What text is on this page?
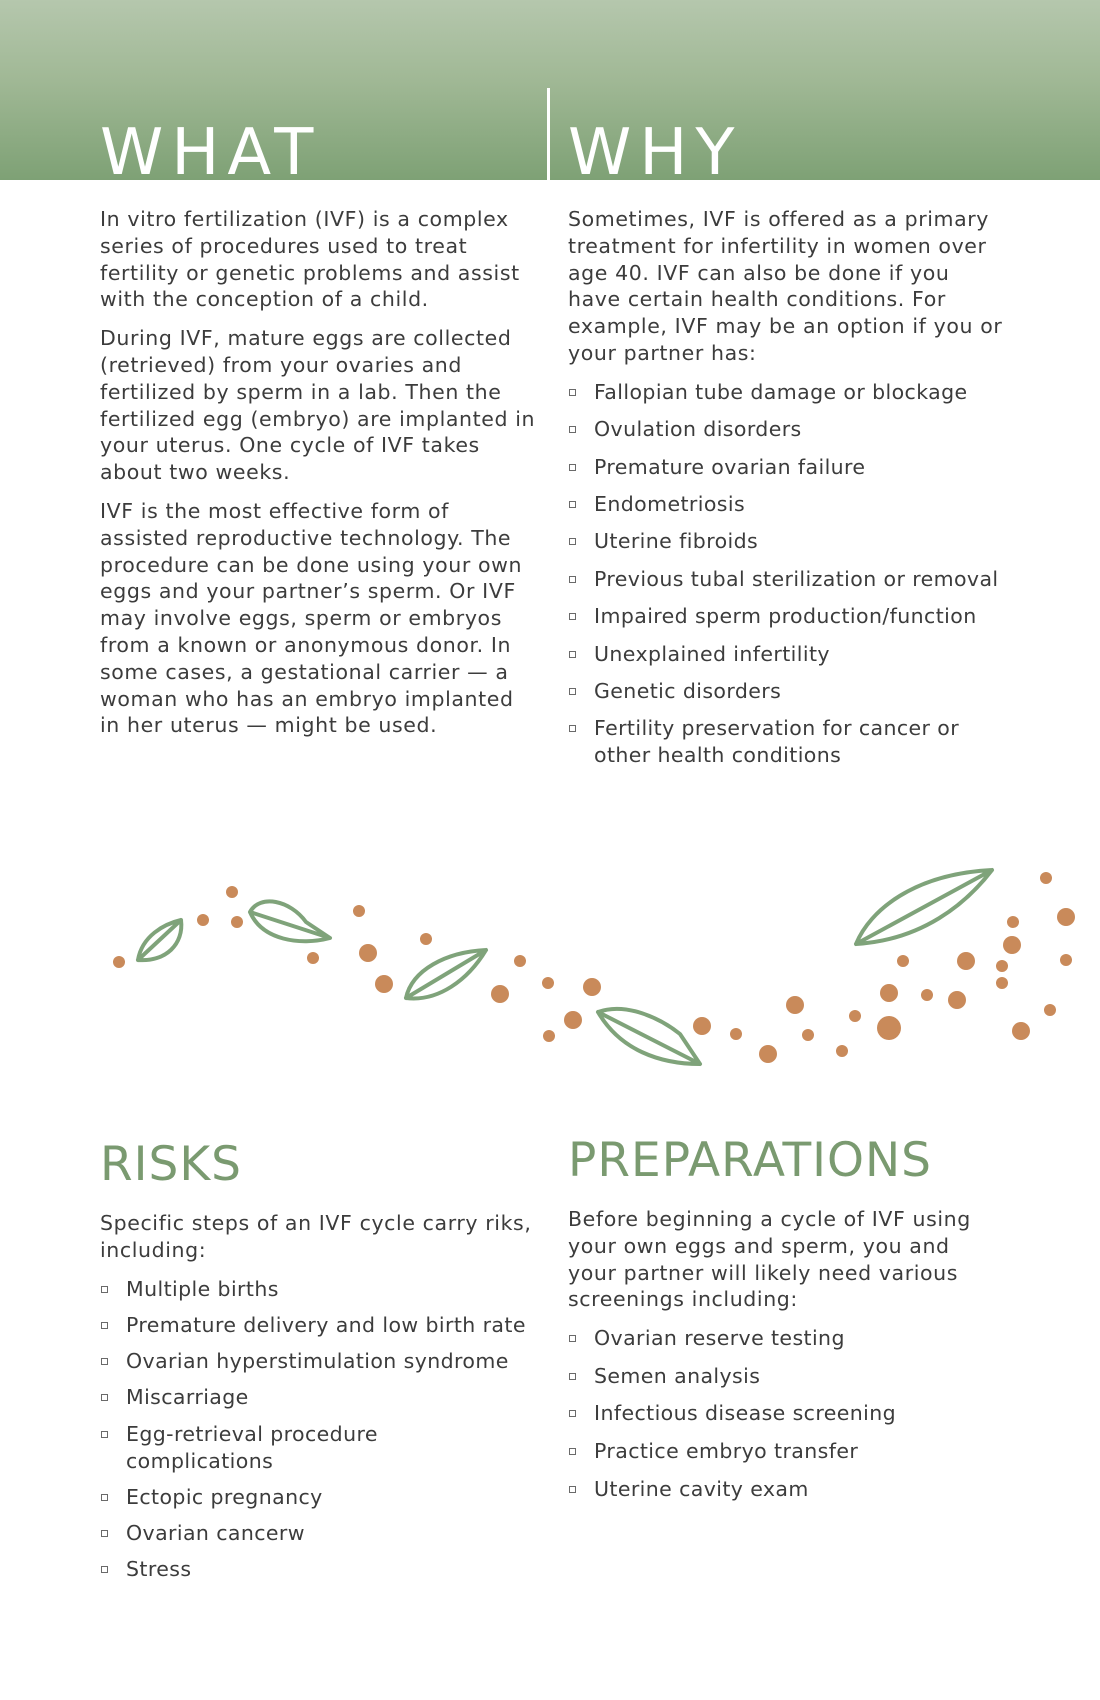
WHAT	WHY

In vitro fertilization (IVF) is a complex series of procedures used to treat fertility or genetic problems and assist with the conception of a child.

During IVF, mature eggs are collected (retrieved) from your ovaries and fertilized by sperm in a lab. Then the fertilized egg (embryo) are implanted in your uterus. One cycle of IVF takes about two weeks.

IVF is the most effective form of assisted reproductive technology. The procedure can be done using your own eggs and your partner’s sperm. Or IVF may involve eggs, sperm or embryos from a known or anonymous donor. In some cases, a gestational carrier — a woman who has an embryo implanted in her uterus — might be used.

Sometimes, IVF is offered as a primary treatment for infertility in women over age 40. IVF can also be done if you have certain health conditions. For example, IVF may be an option if you or your partner has:

Fallopian tube damage or blockage
Ovulation disorders
Premature ovarian failure
Endometriosis
Uterine fibroids
Previous tubal sterilization or removal
Impaired sperm production/function
Unexplained infertility
Genetic disorders
Fertility preservation for cancer or other health conditions
RISKS

Specific steps of an IVF cycle carry riks, including:

Multiple births
Premature delivery and low birth rate
Ovarian hyperstimulation syndrome
Miscarriage
Egg-retrieval procedure complications
Ectopic pregnancy
Ovarian cancerw
Stress
PREPARATIONS

Before beginning a cycle of IVF using your own eggs and sperm, you and your partner will likely need various screenings including:

Ovarian reserve testing
Semen analysis
Infectious disease screening
Practice embryo transfer
Uterine cavity exam
